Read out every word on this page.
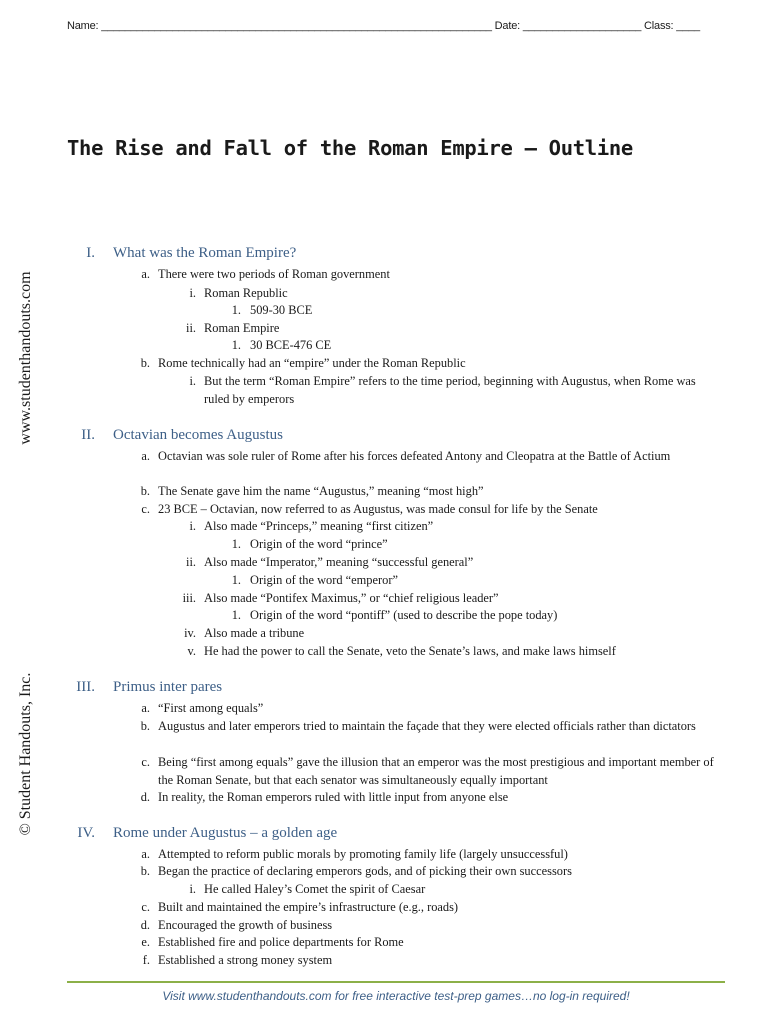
Name: __________________________________________________________________ Date: ____________________ Class: ____
www.studenthandouts.com
© Student Handouts, Inc.
The Rise and Fall of the Roman Empire – Outline
I. What was the Roman Empire?
II. Octavian becomes Augustus
III. Primus inter pares
IV. Rome under Augustus – a golden age
a. There were two periods of Roman government
i. Roman Republic
1. 509-30 BCE
ii. Roman Empire
1. 30 BCE-476 CE
b. Rome technically had an “empire” under the Roman Republic
i. But the term “Roman Empire” refers to the time period, beginning with Augustus, when Rome was ruled by emperors
a. Octavian was sole ruler of Rome after his forces defeated Antony and Cleopatra at the Battle of Actium
b. The Senate gave him the name “Augustus,” meaning “most high”
c. 23 BCE – Octavian, now referred to as Augustus, was made consul for life by the Senate
i. Also made “Princeps,” meaning “first citizen”
1. Origin of the word “prince”
ii. Also made “Imperator,” meaning “successful general”
1. Origin of the word “emperor”
iii. Also made “Pontifex Maximus,” or “chief religious leader”
1. Origin of the word “pontiff” (used to describe the pope today)
iv. Also made a tribune
v. He had the power to call the Senate, veto the Senate’s laws, and make laws himself
a. “First among equals”
b. Augustus and later emperors tried to maintain the façade that they were elected officials rather than dictators
c. Being “first among equals” gave the illusion that an emperor was the most prestigious and important member of the Roman Senate, but that each senator was simultaneously equally important
d. In reality, the Roman emperors ruled with little input from anyone else
a. Attempted to reform public morals by promoting family life (largely unsuccessful)
b. Began the practice of declaring emperors gods, and of picking their own successors
i. He called Haley’s Comet the spirit of Caesar
c. Built and maintained the empire’s infrastructure (e.g., roads)
d. Encouraged the growth of business
e. Established fire and police departments for Rome
f. Established a strong money system
Visit www.studenthandouts.com for free interactive test-prep games…no log-in required!
